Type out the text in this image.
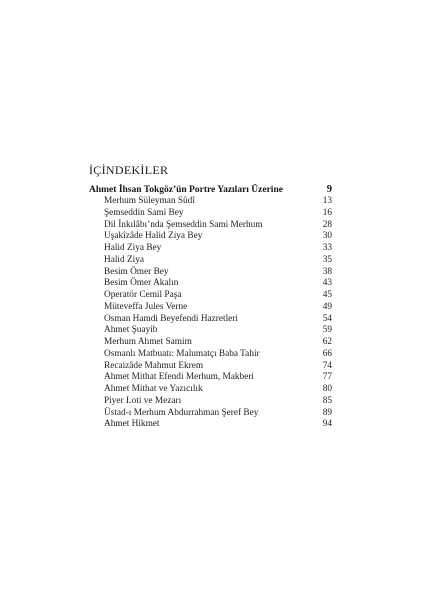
İÇİNDEKİLER
Ahmet İhsan Tokgöz’ün Portre Yazıları Üzerine	9
Merhum Süleyman Sûdî	13
Şemseddin Sami Bey	16
Dil İnkılâbı’nda Şemseddin Sami Merhum	28
Uşakîzâde Halid Ziya Bey	30
Halid Ziya Bey	33
Halid Ziya	35
Besim Ömer Bey	38
Besim Ömer Akalın	43
Operatör Cemil Paşa	45
Müteveffa Jules Verne	49
Osman Hamdi Beyefendi Hazretleri	54
Ahmet Şuayib	59
Merhum Ahmet Samim	62
Osmanlı Matbuatı: Malumatçı Baba Tahir	66
Recaizâde Mahmut Ekrem	74
Ahmet Mithat Efendi Merhum, Makberi	77
Ahmet Mithat ve Yazıcılık	80
Piyer Loti ve Mezarı	85
Üstad-ı Merhum Abdurrahman Şeref Bey	89
Ahmet Hikmet	94
